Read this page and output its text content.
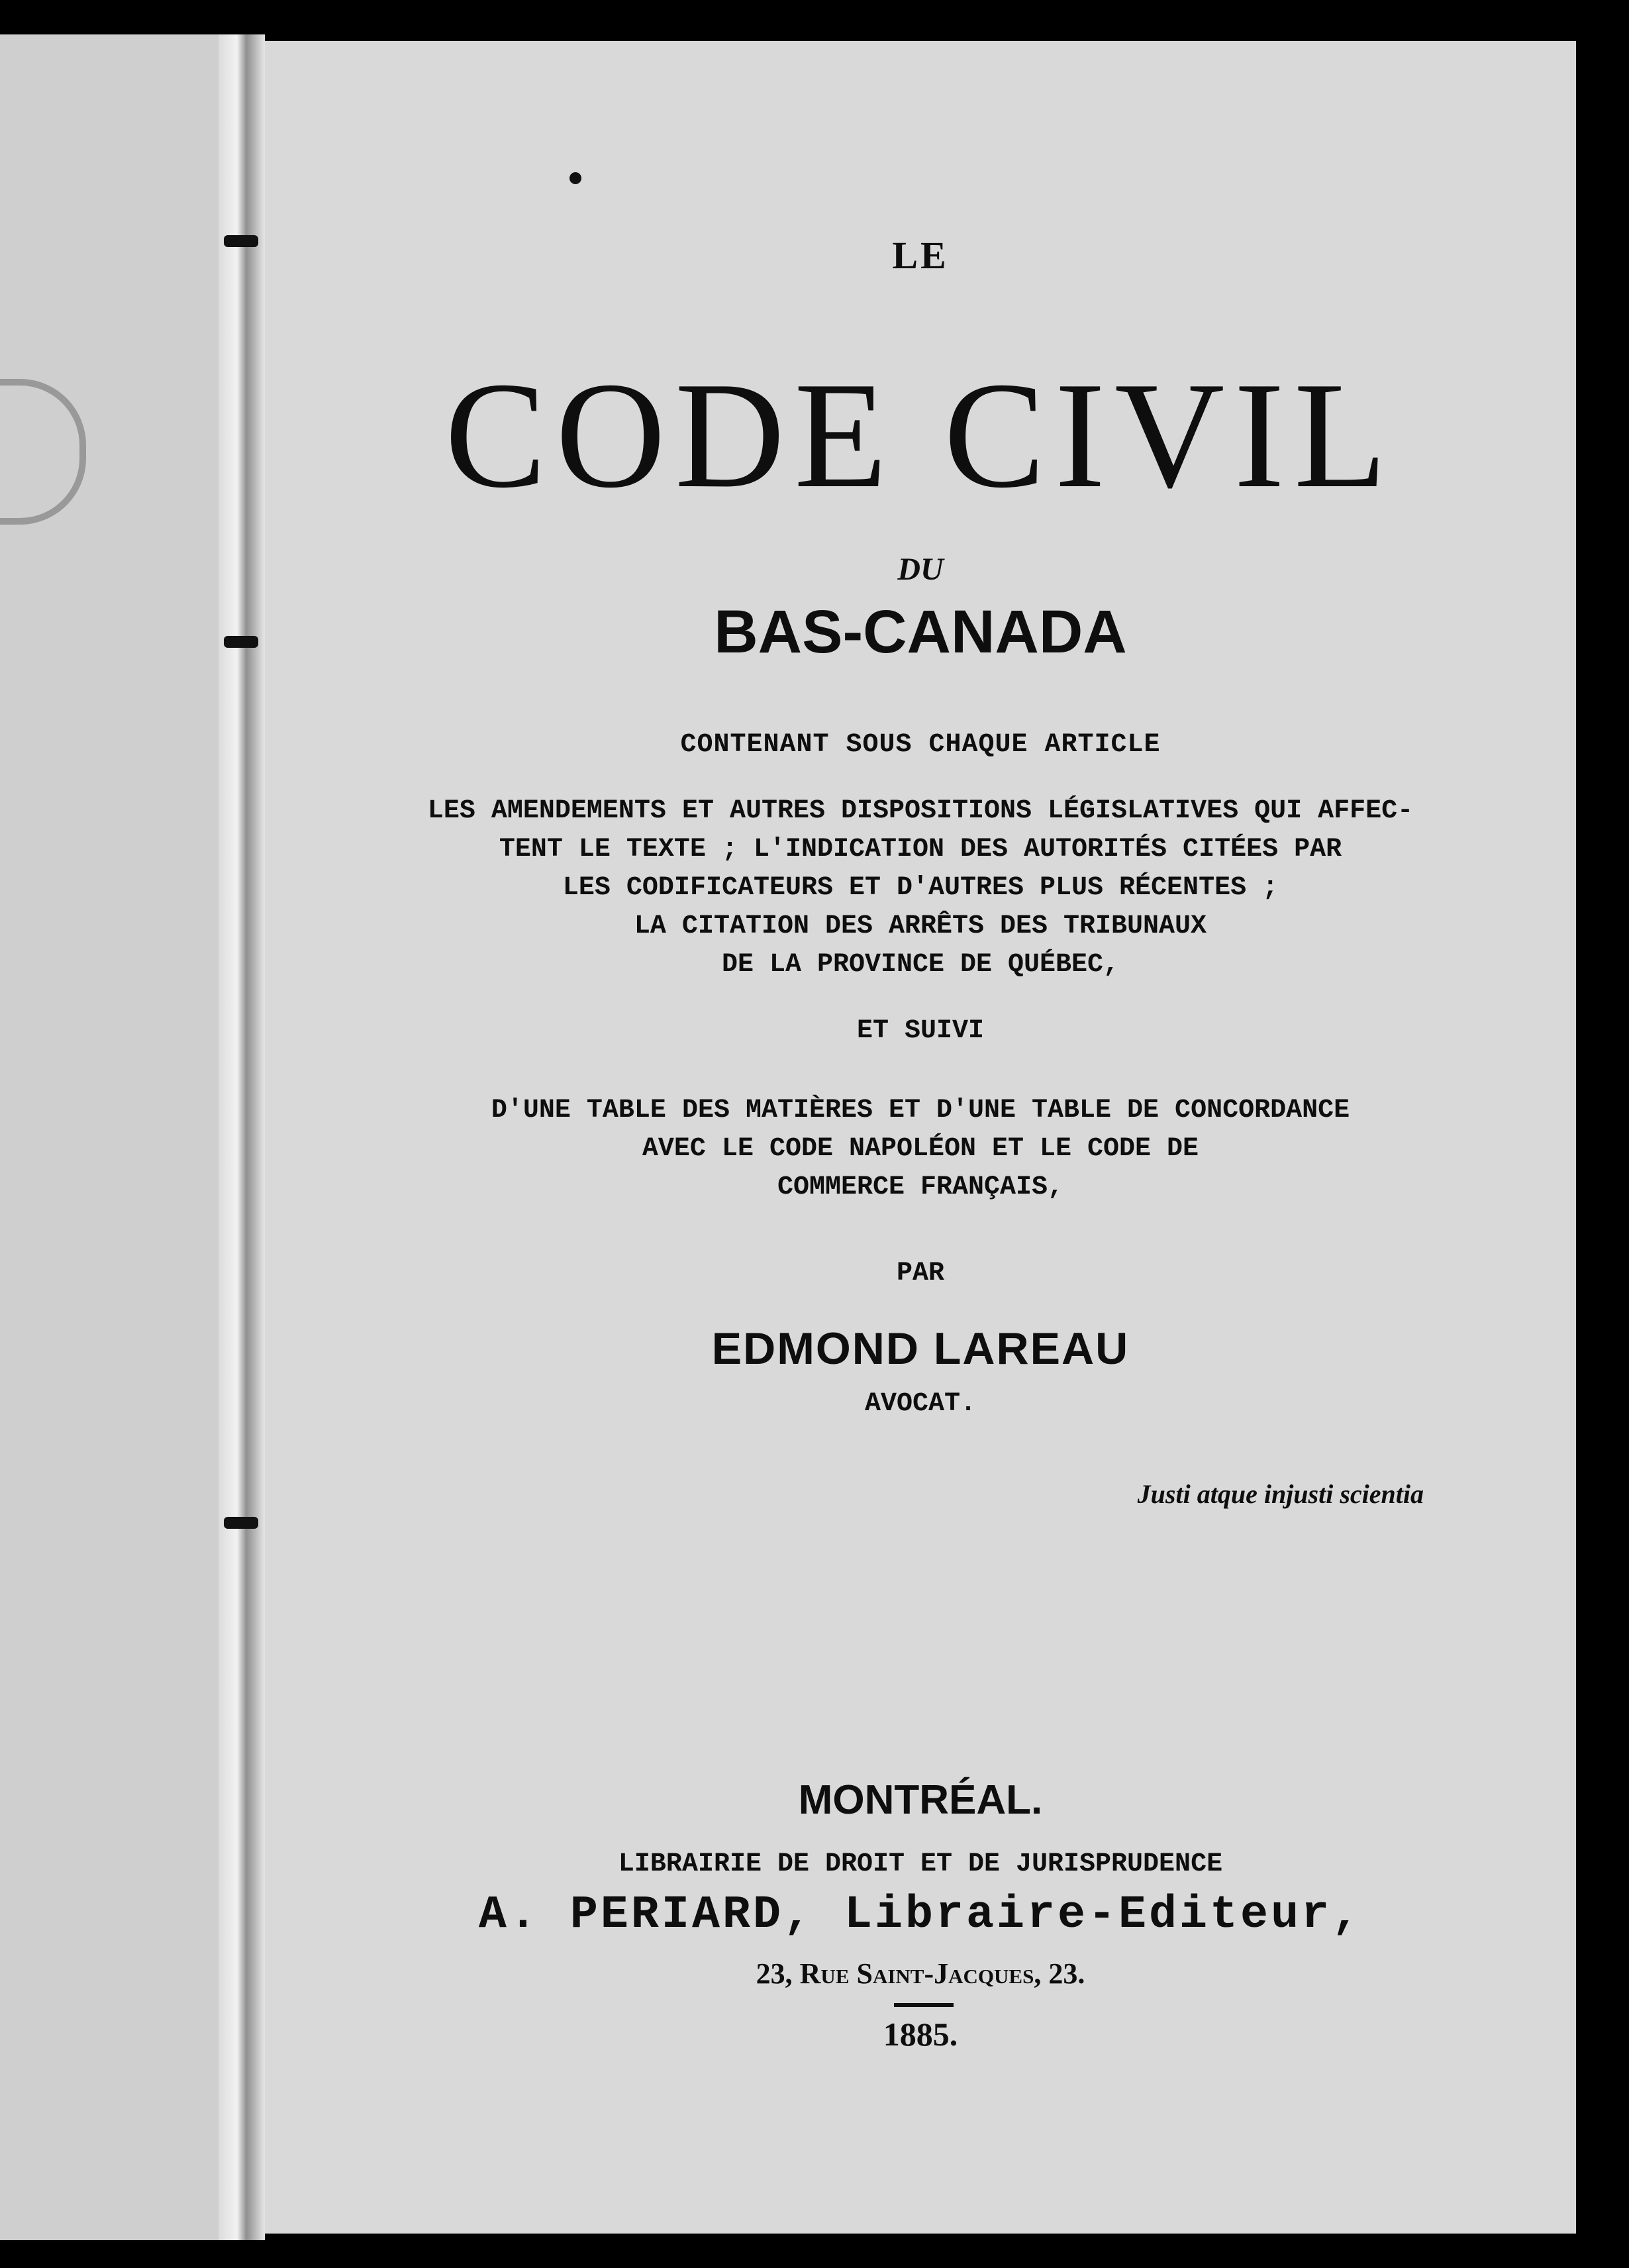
LE
CODE CIVIL
DU
BAS-CANADA
CONTENANT SOUS CHAQUE ARTICLE
LES AMENDEMENTS ET AUTRES DISPOSITIONS LÉGISLATIVES QUI AFFEC-
TENT LE TEXTE ; L'INDICATION DES AUTORITÉS CITÉES PAR
LES CODIFICATEURS ET D'AUTRES PLUS RÉCENTES ;
LA CITATION DES ARRÊTS DES TRIBUNAUX
DE LA PROVINCE DE QUÉBEC,
ET SUIVI
D'UNE TABLE DES MATIÈRES ET D'UNE TABLE DE CONCORDANCE
AVEC LE CODE NAPOLÉON ET LE CODE DE
COMMERCE FRANÇAIS,
PAR
EDMOND LAREAU
AVOCAT.
Justi atque injusti scientia
MONTRÉAL.
LIBRAIRIE DE DROIT ET DE JURISPRUDENCE
A. PERIARD, Libraire-Editeur,
23, Rue Saint-Jacques, 23.
1885.
